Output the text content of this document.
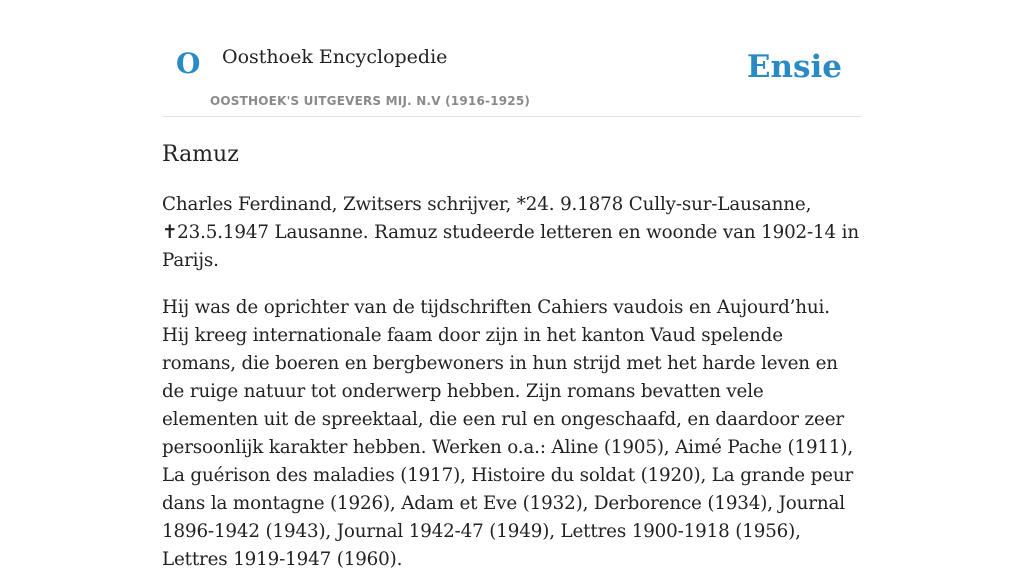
O Oosthoek Encyclopedie
OOSTHOEK'S UITGEVERS MIJ. N.V (1916-1925)
Ensie
Ramuz

Charles Ferdinand, Zwitsers schrijver, *24. 9.1878 Cully-sur-Lausanne, ✝23.5.1947 Lausanne. Ramuz studeerde letteren en woonde van 1902-14 in Parijs.

Hij was de oprichter van de tijdschriften Cahiers vaudois en Aujourd’hui. Hij kreeg internationale faam door zijn in het kanton Vaud spelende romans, die boeren en bergbewoners in hun strijd met het harde leven en de ruige natuur tot onderwerp hebben. Zijn romans bevatten vele elementen uit de spreektaal, die een rul en ongeschaafd, en daardoor zeer persoonlijk karakter hebben. Werken o.a.: Aline (1905), Aimé Pache (1911), La guérison des maladies (1917), Histoire du soldat (1920), La grande peur dans la montagne (1926), Adam et Eve (1932), Derborence (1934), Journal 1896-1942 (1943), Journal 1942-47 (1949), Lettres 1900-1918 (1956), Lettres 1919-1947 (1960).
